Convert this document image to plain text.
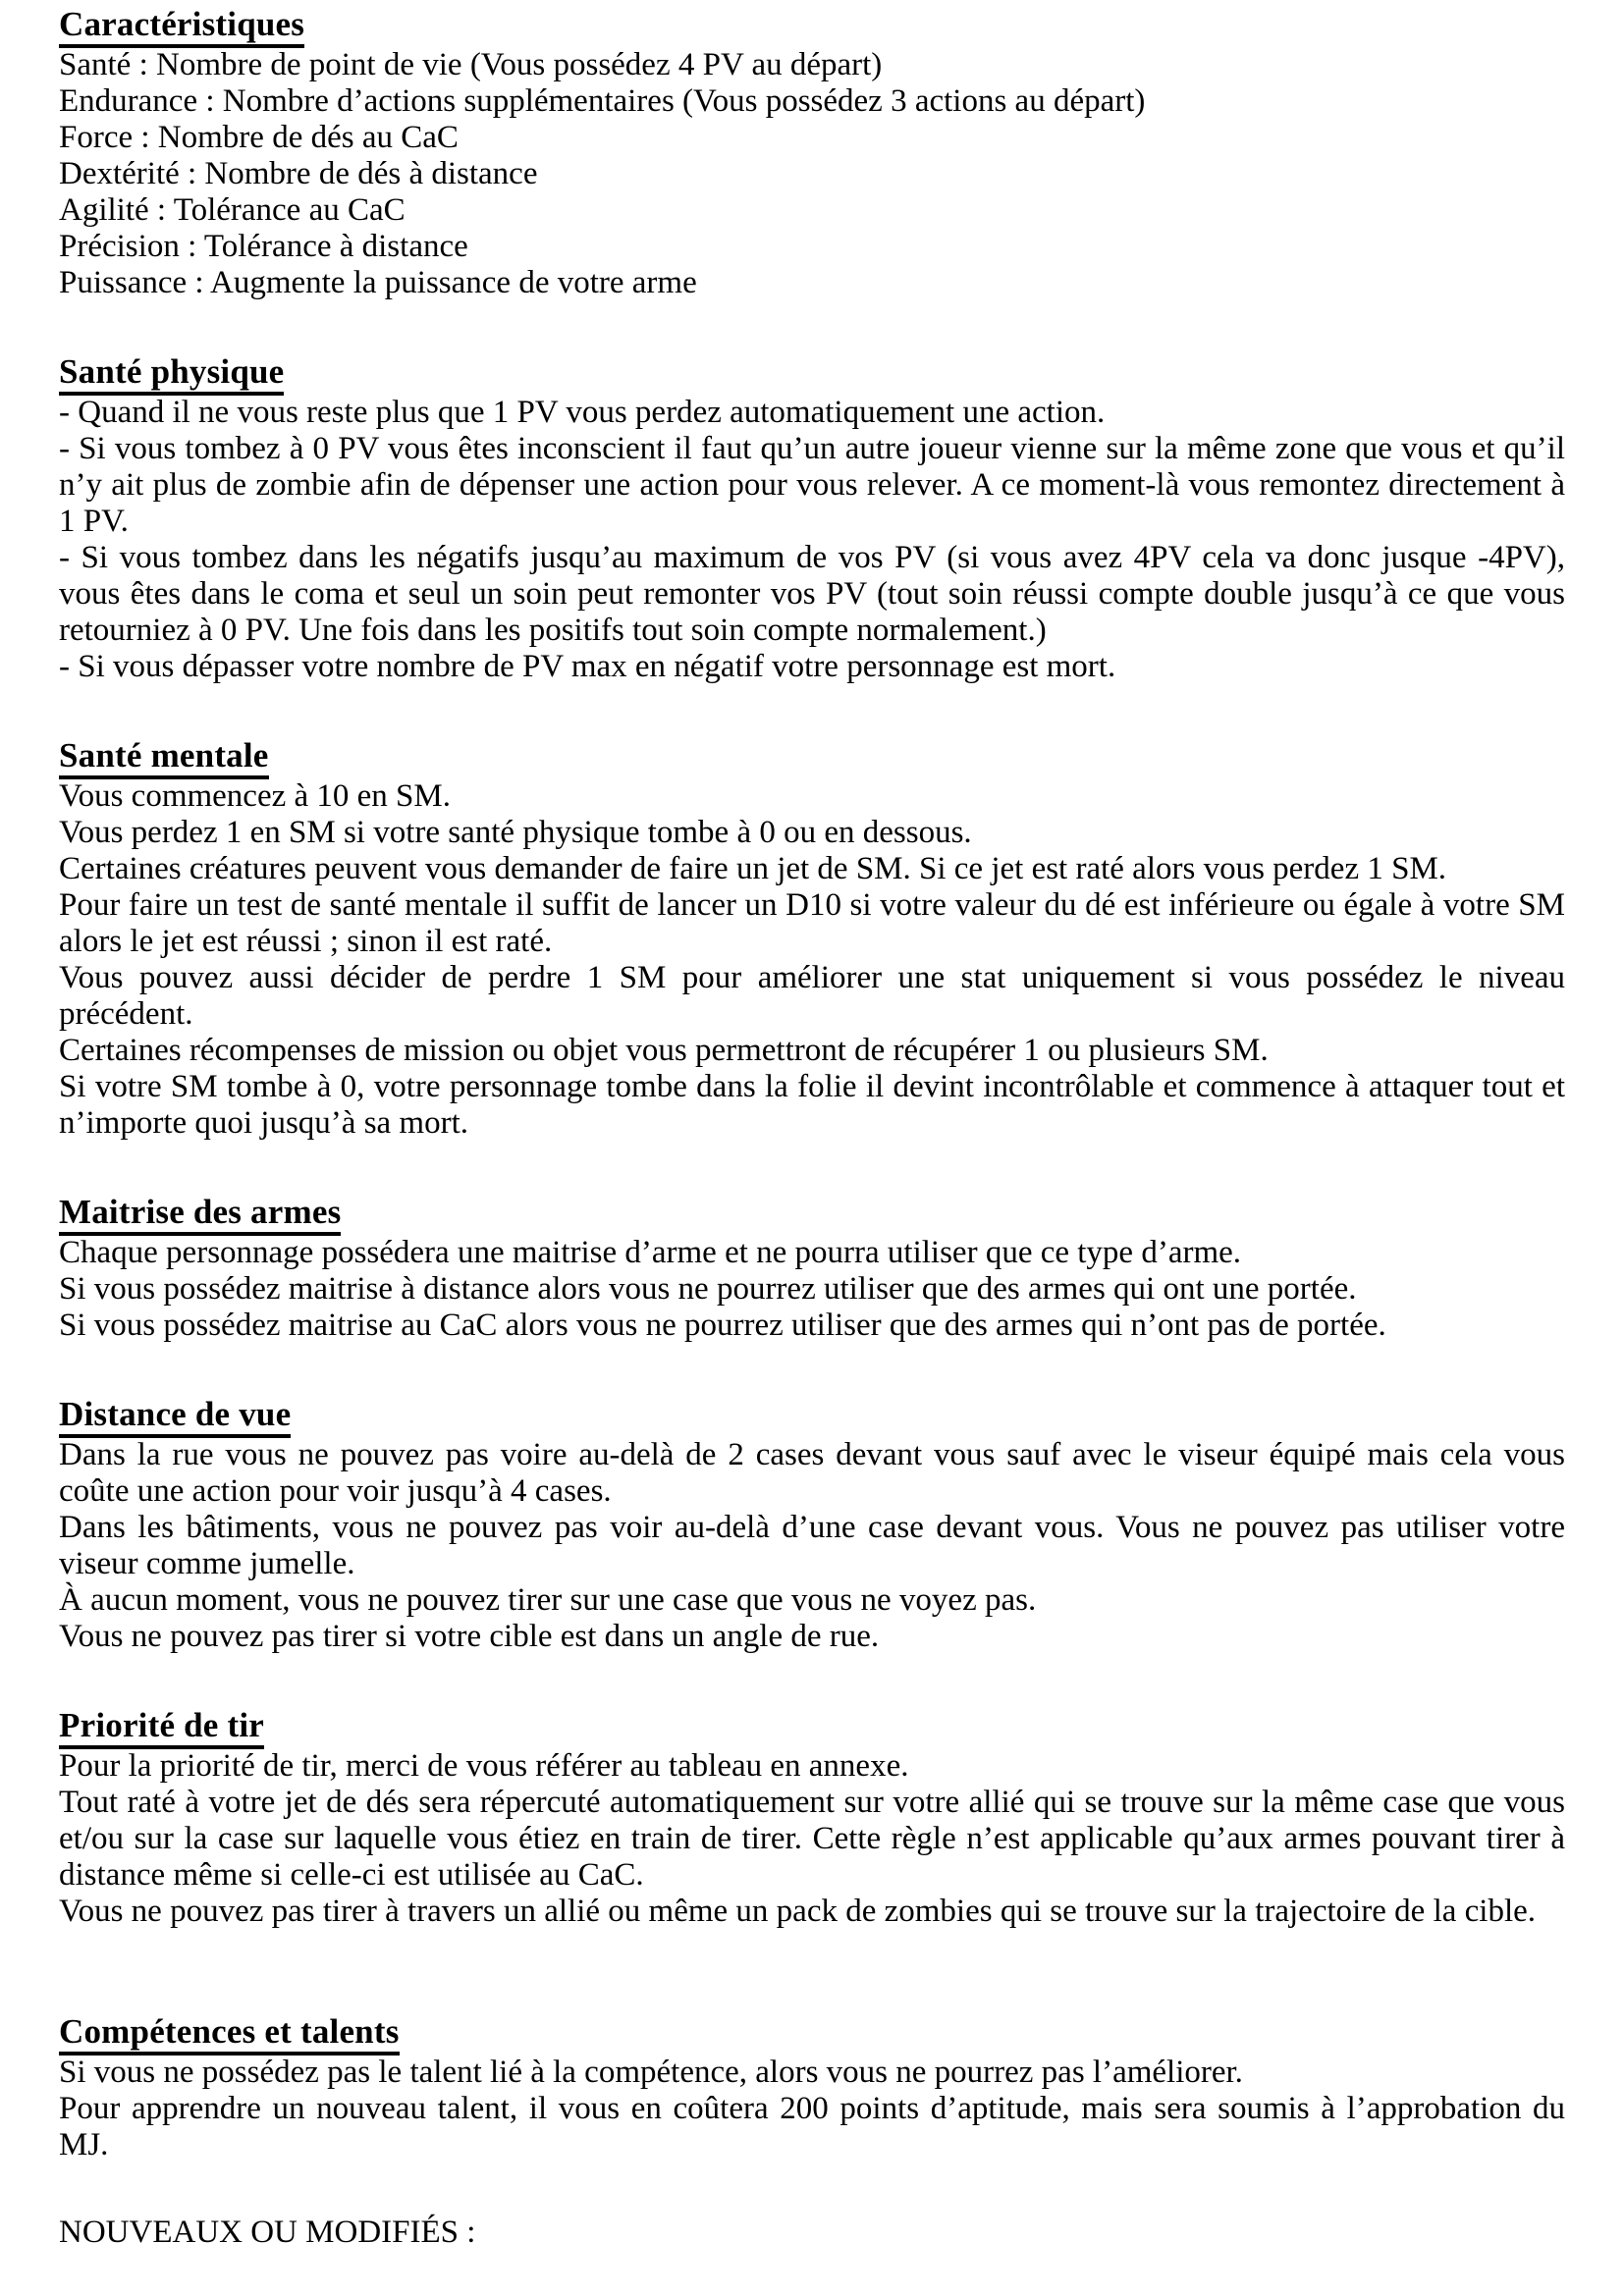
Caractéristiques

Santé : Nombre de point de vie (Vous possédez 4 PV au départ)

Endurance : Nombre d’actions supplémentaires (Vous possédez 3 actions au départ)

Force : Nombre de dés au CaC

Dextérité : Nombre de dés à distance

Agilité : Tolérance au CaC

Précision : Tolérance à distance

Puissance : Augmente la puissance de votre arme

Santé physique

- Quand il ne vous reste plus que 1 PV vous perdez automatiquement une action.

- Si vous tombez à 0 PV vous êtes inconscient il faut qu’un autre joueur vienne sur la même zone que vous et qu’il n’y ait plus de zombie afin de dépenser une action pour vous relever. A ce moment-là vous remontez directement à 1 PV.

- Si vous tombez dans les négatifs jusqu’au maximum de vos PV (si vous avez 4PV cela va donc jusque -4PV), vous êtes dans le coma et seul un soin peut remonter vos PV (tout soin réussi compte double jusqu’à ce que vous retourniez à 0 PV. Une fois dans les positifs tout soin compte normalement.)

- Si vous dépasser votre nombre de PV max en négatif votre personnage est mort.

Santé mentale

Vous commencez à 10 en SM.

Vous perdez 1 en SM si votre santé physique tombe à 0 ou en dessous.

Certaines créatures peuvent vous demander de faire un jet de SM. Si ce jet est raté alors vous perdez 1 SM.

Pour faire un test de santé mentale il suffit de lancer un D10 si votre valeur du dé est inférieure ou égale à votre SM alors le jet est réussi ; sinon il est raté.

Vous pouvez aussi décider de perdre 1 SM pour améliorer une stat uniquement si vous possédez le niveau précédent.

Certaines récompenses de mission ou objet vous permettront de récupérer 1 ou plusieurs SM.

Si votre SM tombe à 0, votre personnage tombe dans la folie il devint incontrôlable et commence à attaquer tout et n’importe quoi jusqu’à sa mort.

Maitrise des armes

Chaque personnage possédera une maitrise d’arme et ne pourra utiliser que ce type d’arme.

Si vous possédez maitrise à distance alors vous ne pourrez utiliser que des armes qui ont une portée.

Si vous possédez maitrise au CaC alors vous ne pourrez utiliser que des armes qui n’ont pas de portée.

Distance de vue

Dans la rue vous ne pouvez pas voire au-delà de 2 cases devant vous sauf avec le viseur équipé mais cela vous coûte une action pour voir jusqu’à 4 cases.

Dans les bâtiments, vous ne pouvez pas voir au-delà d’une case devant vous. Vous ne pouvez pas utiliser votre viseur comme jumelle.

À aucun moment, vous ne pouvez tirer sur une case que vous ne voyez pas.

Vous ne pouvez pas tirer si votre cible est dans un angle de rue.

Priorité de tir

Pour la priorité de tir, merci de vous référer au tableau en annexe.

Tout raté à votre jet de dés sera répercuté automatiquement sur votre allié qui se trouve sur la même case que vous et/ou sur la case sur laquelle vous étiez en train de tirer. Cette règle n’est applicable qu’aux armes pouvant tirer à distance même si celle-ci est utilisée au CaC.

Vous ne pouvez pas tirer à travers un allié ou même un pack de zombies qui se trouve sur la trajectoire de la cible.

Compétences et talents

Si vous ne possédez pas le talent lié à la compétence, alors vous ne pourrez pas l’améliorer.

Pour apprendre un nouveau talent, il vous en coûtera 200 points d’aptitude, mais sera soumis à l’approbation du MJ.

NOUVEAUX OU MODIFIÉS :
